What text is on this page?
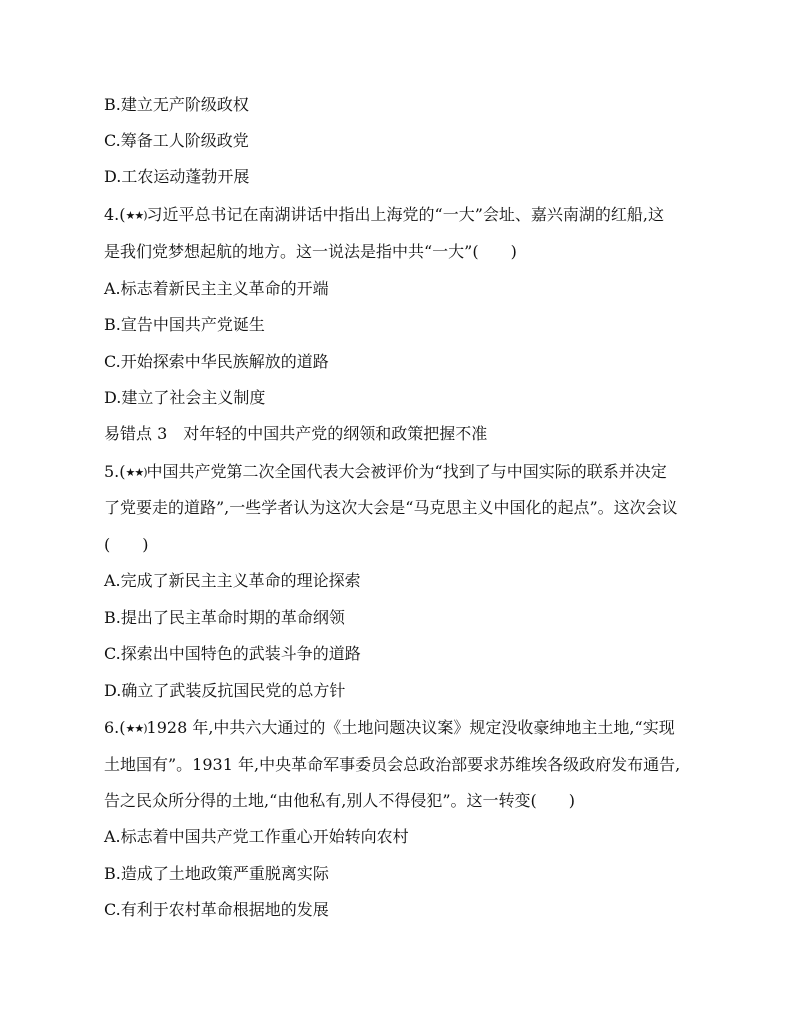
B.建立无产阶级政权
C.筹备工人阶级政党
D.工农运动蓬勃开展
4.(★★)习近平总书记在南湖讲话中指出上海党的“一大”会址、嘉兴南湖的红船,这
是我们党梦想起航的地方。这一说法是指中共“一大”(　　)
A.标志着新民主主义革命的开端
B.宣告中国共产党诞生
C.开始探索中华民族解放的道路
D.建立了社会主义制度
易错点 3　对年轻的中国共产党的纲领和政策把握不准
5.(★★)中国共产党第二次全国代表大会被评价为“找到了与中国实际的联系并决定
了党要走的道路”,一些学者认为这次大会是“马克思主义中国化的起点”。这次会议
(　　)
A.完成了新民主主义革命的理论探索
B.提出了民主革命时期的革命纲领
C.探索出中国特色的武装斗争的道路
D.确立了武装反抗国民党的总方针
6.(★★)1928 年,中共六大通过的《土地问题决议案》规定没收豪绅地主土地,“实现
土地国有”。1931 年,中央革命军事委员会总政治部要求苏维埃各级政府发布通告,
告之民众所分得的土地,“由他私有,别人不得侵犯”。这一转变(　　)
A.标志着中国共产党工作重心开始转向农村
B.造成了土地政策严重脱离实际
C.有利于农村革命根据地的发展
